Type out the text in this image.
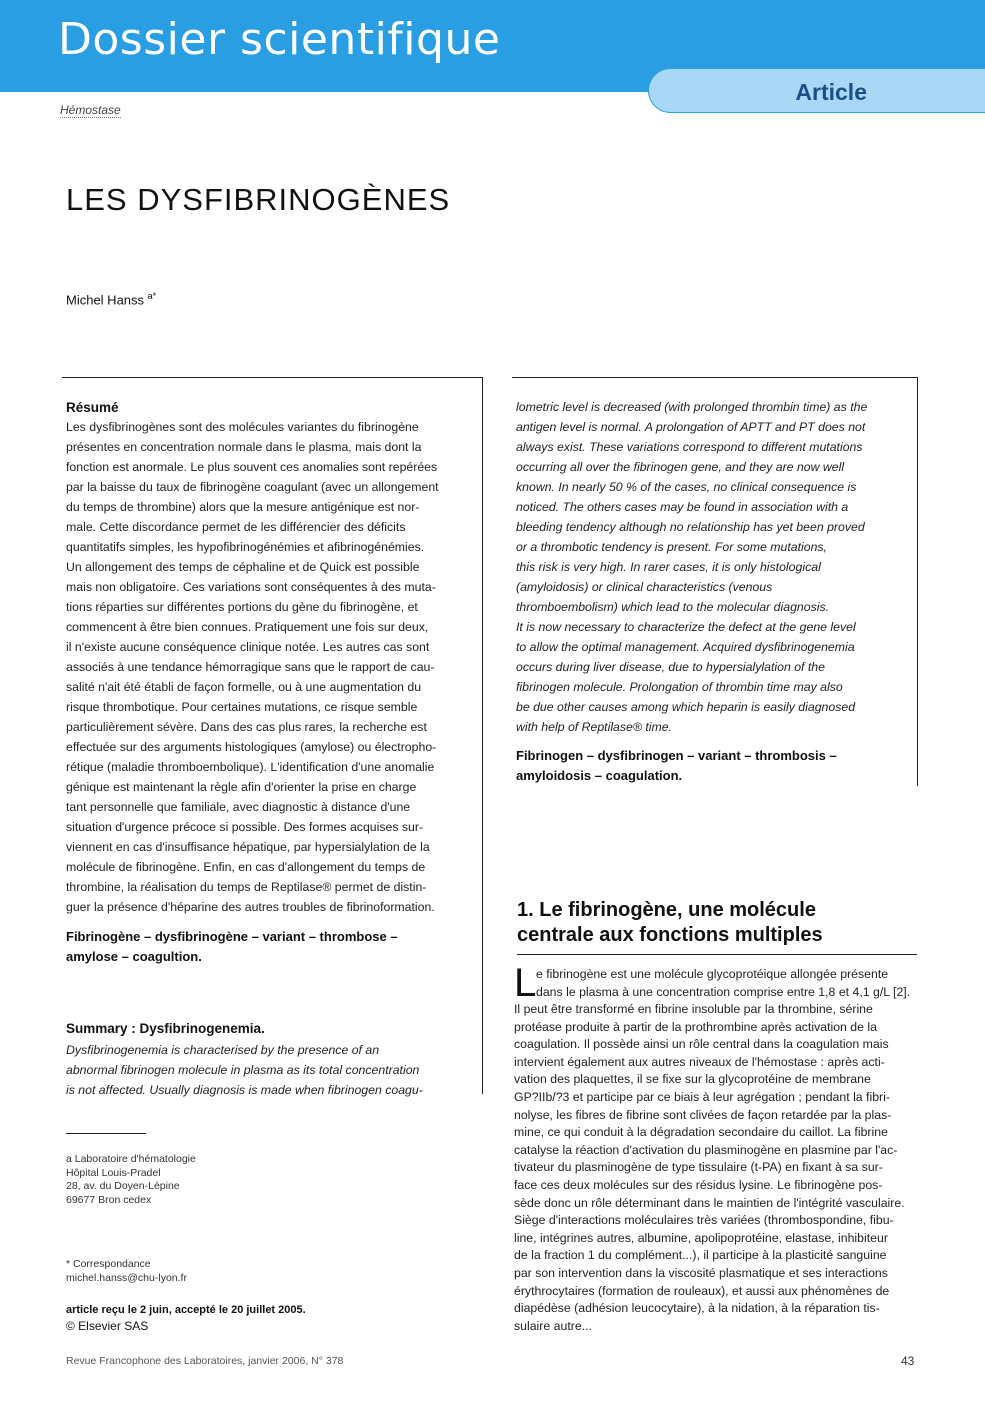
Dossier scientifique
Article
Hémostase
LES DYSFIBRINOGÈNES
Michel Hanss $^{a*}$
Résumé
Les dysfibrinogènes sont des molécules variantes du fibrinogène
présentes en concentration normale dans le plasma, mais dont la
fonction est anormale. Le plus souvent ces anomalies sont repérées
par la baisse du taux de fibrinogène coagulant (avec un allongement
du temps de thrombine) alors que la mesure antigénique est nor-
male. Cette discordance permet de les différencier des déficits
quantitatifs simples, les hypofibrinogénémies et afibrinogénémies.
Un allongement des temps de céphaline et de Quick est possible
mais non obligatoire. Ces variations sont conséquentes à des muta-
tions réparties sur différentes portions du gène du fibrinogène, et
commencent à être bien connues. Pratiquement une fois sur deux,
il n'existe aucune conséquence clinique notée. Les autres cas sont
associés à une tendance hémorragique sans que le rapport de cau-
salité n'ait été établi de façon formelle, ou à une augmentation du
risque thrombotique. Pour certaines mutations, ce risque semble
particulièrement sévère. Dans des cas plus rares, la recherche est
effectuée sur des arguments histologiques (amylose) ou électropho-
rétique (maladie thromboembolique). L'identification d'une anomalie
génique est maintenant la règle afin d'orienter la prise en charge
tant personnelle que familiale, avec diagnostic à distance d'une
situation d'urgence précoce si possible. Des formes acquises sur-
viennent en cas d'insuffisance hépatique, par hypersialylation de la
molécule de fibrinogène. Enfin, en cas d'allongement du temps de
thrombine, la réalisation du temps de Reptilase® permet de distin-
guer la présence d'héparine des autres troubles de fibrinoformation.
Fibrinogène – dysfibrinogène – variant – thrombose –
amylose – coagultion.
Summary : Dysfibrinogenemia.
Dysfibrinogenemia is characterised by the presence of an
abnormal fibrinogen molecule in plasma as its total concentration
is not affected. Usually diagnosis is made when fibrinogen coagu-
lometric level is decreased (with prolonged thrombin time) as the
antigen level is normal. A prolongation of APTT and PT does not
always exist. These variations correspond to different mutations
occurring all over the fibrinogen gene, and they are now well
known. In nearly 50 % of the cases, no clinical consequence is
noticed. The others cases may be found in association with a
bleeding tendency although no relationship has yet been proved
or a thrombotic tendency is present. For some mutations,
this risk is very high. In rarer cases, it is only histological
(amyloidosis) or clinical characteristics (venous
thromboembolism) which lead to the molecular diagnosis.
It is now necessary to characterize the defect at the gene level
to allow the optimal management. Acquired dysfibrinogenemia
occurs during liver disease, due to hypersialylation of the
fibrinogen molecule. Prolongation of thrombin time may also
be due other causes among which heparin is easily diagnosed
with help of Reptilase® time.
Fibrinogen – dysfibrinogen – variant – thrombosis –
amyloidosis – coagulation.
1. Le fibrinogène, une molécule
centrale aux fonctions multiples
L e fibrinogène est une molécule glycoprotéique allongée présente
dans le plasma à une concentration comprise entre 1,8 et 4,1 g/L [2].
Il peut être transformé en fibrine insoluble par la thrombine, sérine
protéase produite à partir de la prothrombine après activation de la
coagulation. Il possède ainsi un rôle central dans la coagulation mais
intervient également aux autres niveaux de l'hémostase : après acti-
vation des plaquettes, il se fixe sur la glycoprotéine de membrane
GP?IIb/?3 et participe par ce biais à leur agrégation ; pendant la fibri-
nolyse, les fibres de fibrine sont clivées de façon retardée par la plas-
mine, ce qui conduit à la dégradation secondaire du caillot. La fibrine
catalyse la réaction d'activation du plasminogène en plasmine par l'ac-
tivateur du plasminogène de type tissulaire (t-PA) en fixant à sa sur-
face ces deux molécules sur des résidus lysine. Le fibrinogène pos-
sède donc un rôle déterminant dans le maintien de l'intégrité vasculaire.
Siège d'interactions moléculaires très variées (thrombospondine, fibu-
line, intégrines autres, albumine, apolipoprotéine, elastase, inhibiteur
de la fraction 1 du complément...), il participe à la plasticité sanguine
par son intervention dans la viscosité plasmatique et ses interactions
érythrocytaires (formation de rouleaux), et aussi aux phénomènes de
diapédèse (adhésion leucocytaire), à la nidation, à la réparation tis-
sulaire autre...
a Laboratoire d'hématologie
Hôpital Louis-Pradel
28, av. du Doyen-Lépine
69677 Bron cedex
* Correspondance
michel.hanss@chu-lyon.fr
article reçu le 2 juin, accepté le 20 juillet 2005.
© Elsevier SAS
Revue Francophone des Laboratoires, janvier 2006, N° 378	43
